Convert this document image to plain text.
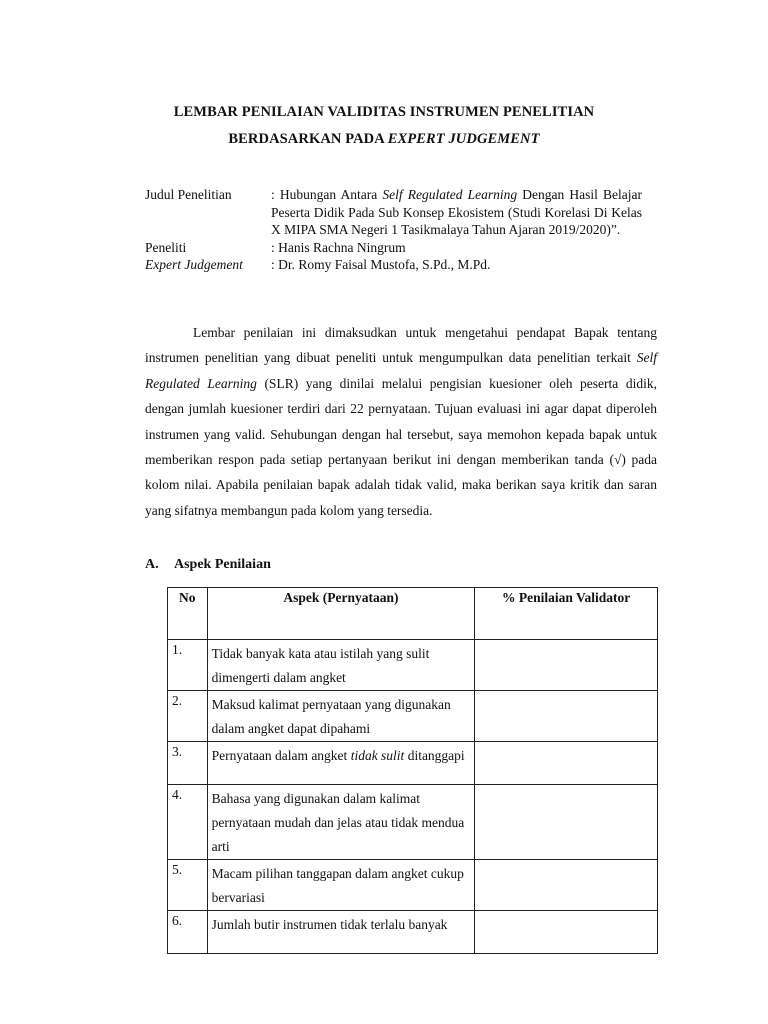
LEMBAR PENILAIAN VALIDITAS INSTRUMEN PENELITIAN
BERDASARKAN PADA EXPERT JUDGEMENT
Judul Penelitian	: Hubungan Antara Self Regulated Learning Dengan Hasil Belajar Peserta Didik Pada Sub Konsep Ekosistem (Studi Korelasi Di Kelas X MIPA SMA Negeri 1 Tasikmalaya Tahun Ajaran 2019/2020)”.
Peneliti	: Hanis Rachna Ningrum
Expert Judgement	: Dr. Romy Faisal Mustofa, S.Pd., M.Pd.
Lembar penilaian ini dimaksudkan untuk mengetahui pendapat Bapak tentang instrumen penelitian yang dibuat peneliti untuk mengumpulkan data penelitian terkait Self Regulated Learning (SLR) yang dinilai melalui pengisian kuesioner oleh peserta didik, dengan jumlah kuesioner terdiri dari 22 pernyataan. Tujuan evaluasi ini agar dapat diperoleh instrumen yang valid. Sehubungan dengan hal tersebut, saya memohon kepada bapak untuk memberikan respon pada setiap pertanyaan berikut ini dengan memberikan tanda (√) pada kolom nilai. Apabila penilaian bapak adalah tidak valid, maka berikan saya kritik dan saran yang sifatnya membangun pada kolom yang tersedia.
A. Aspek Penilaian
No	Aspek (Pernyataan)	% Penilaian Validator
1.	Tidak banyak kata atau istilah yang sulit dimengerti dalam angket	
2.	Maksud kalimat pernyataan yang digunakan dalam angket dapat dipahami	
3.	Pernyataan dalam angket tidak sulit ditanggapi	
4.	Bahasa yang digunakan dalam kalimat pernyataan mudah dan jelas atau tidak mendua arti	
5.	Macam pilihan tanggapan dalam angket cukup bervariasi	
6.	Jumlah butir instrumen tidak terlalu banyak	
